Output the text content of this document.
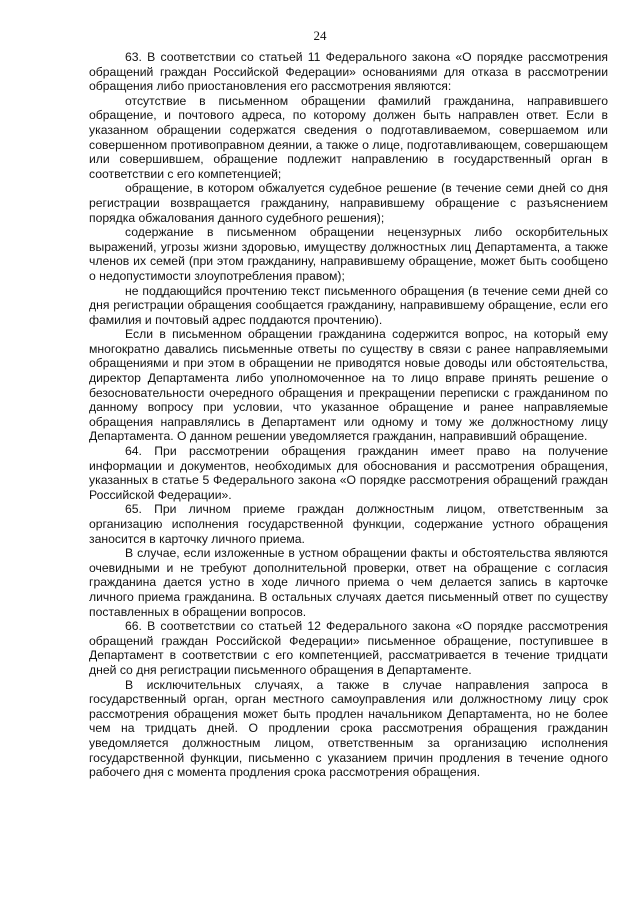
24

63. В соответствии со статьей 11 Федерального закона «О порядке рассмотрения обращений граждан Российской Федерации» основаниями для отказа в рассмотрении обращения либо приостановления его рассмотрения являются:

отсутствие в письменном обращении фамилий гражданина, направившего обращение, и почтового адреса, по которому должен быть направлен ответ. Если в указанном обращении содержатся сведения о подготавливаемом, совершаемом или совершенном противоправном деянии, а также о лице, подготавливающем, совершающем или совершившем, обращение подлежит направлению в государственный орган в соответствии с его компетенцией;

обращение, в котором обжалуется судебное решение (в течение семи дней со дня регистрации возвращается гражданину, направившему обращение с разъяснением порядка обжалования данного судебного решения);

содержание в письменном обращении нецензурных либо оскорбительных выражений, угрозы жизни здоровью, имуществу должностных лиц Департамента, а также членов их семей (при этом гражданину, направившему обращение, может быть сообщено о недопустимости злоупотребления правом);

не поддающийся прочтению текст письменного обращения (в течение семи дней со дня регистрации обращения сообщается гражданину, направившему обращение, если его фамилия и почтовый адрес поддаются прочтению).

Если в письменном обращении гражданина содержится вопрос, на который ему многократно давались письменные ответы по существу в связи с ранее направляемыми обращениями и при этом в обращении не приводятся новые доводы или обстоятельства, директор Департамента либо уполномоченное на то лицо вправе принять решение о безосновательности очередного обращения и прекращении переписки с гражданином по данному вопросу при условии, что указанное обращение и ранее направляемые обращения направлялись в Департамент или одному и тому же должностному лицу Департамента. О данном решении уведомляется гражданин, направивший обращение.

64. При рассмотрении обращения гражданин имеет право на получение информации и документов, необходимых для обоснования и рассмотрения обращения, указанных в статье 5 Федерального закона «О порядке рассмотрения обращений граждан Российской Федерации».

65. При личном приеме граждан должностным лицом, ответственным за организацию исполнения государственной функции, содержание устного обращения заносится в карточку личного приема.

В случае, если изложенные в устном обращении факты и обстоятельства являются очевидными и не требуют дополнительной проверки, ответ на обращение с согласия гражданина дается устно в ходе личного приема о чем делается запись в карточке личного приема гражданина. В остальных случаях дается письменный ответ по существу поставленных в обращении вопросов.

66. В соответствии со статьей 12 Федерального закона «О порядке рассмотрения обращений граждан Российской Федерации» письменное обращение, поступившее в Департамент в соответствии с его компетенцией, рассматривается в течение тридцати дней со дня регистрации письменного обращения в Департаменте.

В исключительных случаях, а также в случае направления запроса в государственный орган, орган местного самоуправления или должностному лицу срок рассмотрения обращения может быть продлен начальником Департамента, но не более чем на тридцать дней. О продлении срока рассмотрения обращения гражданин уведомляется должностным лицом, ответственным за организацию исполнения государственной функции, письменно с указанием причин продления в течение одного рабочего дня с момента продления срока рассмотрения обращения.
